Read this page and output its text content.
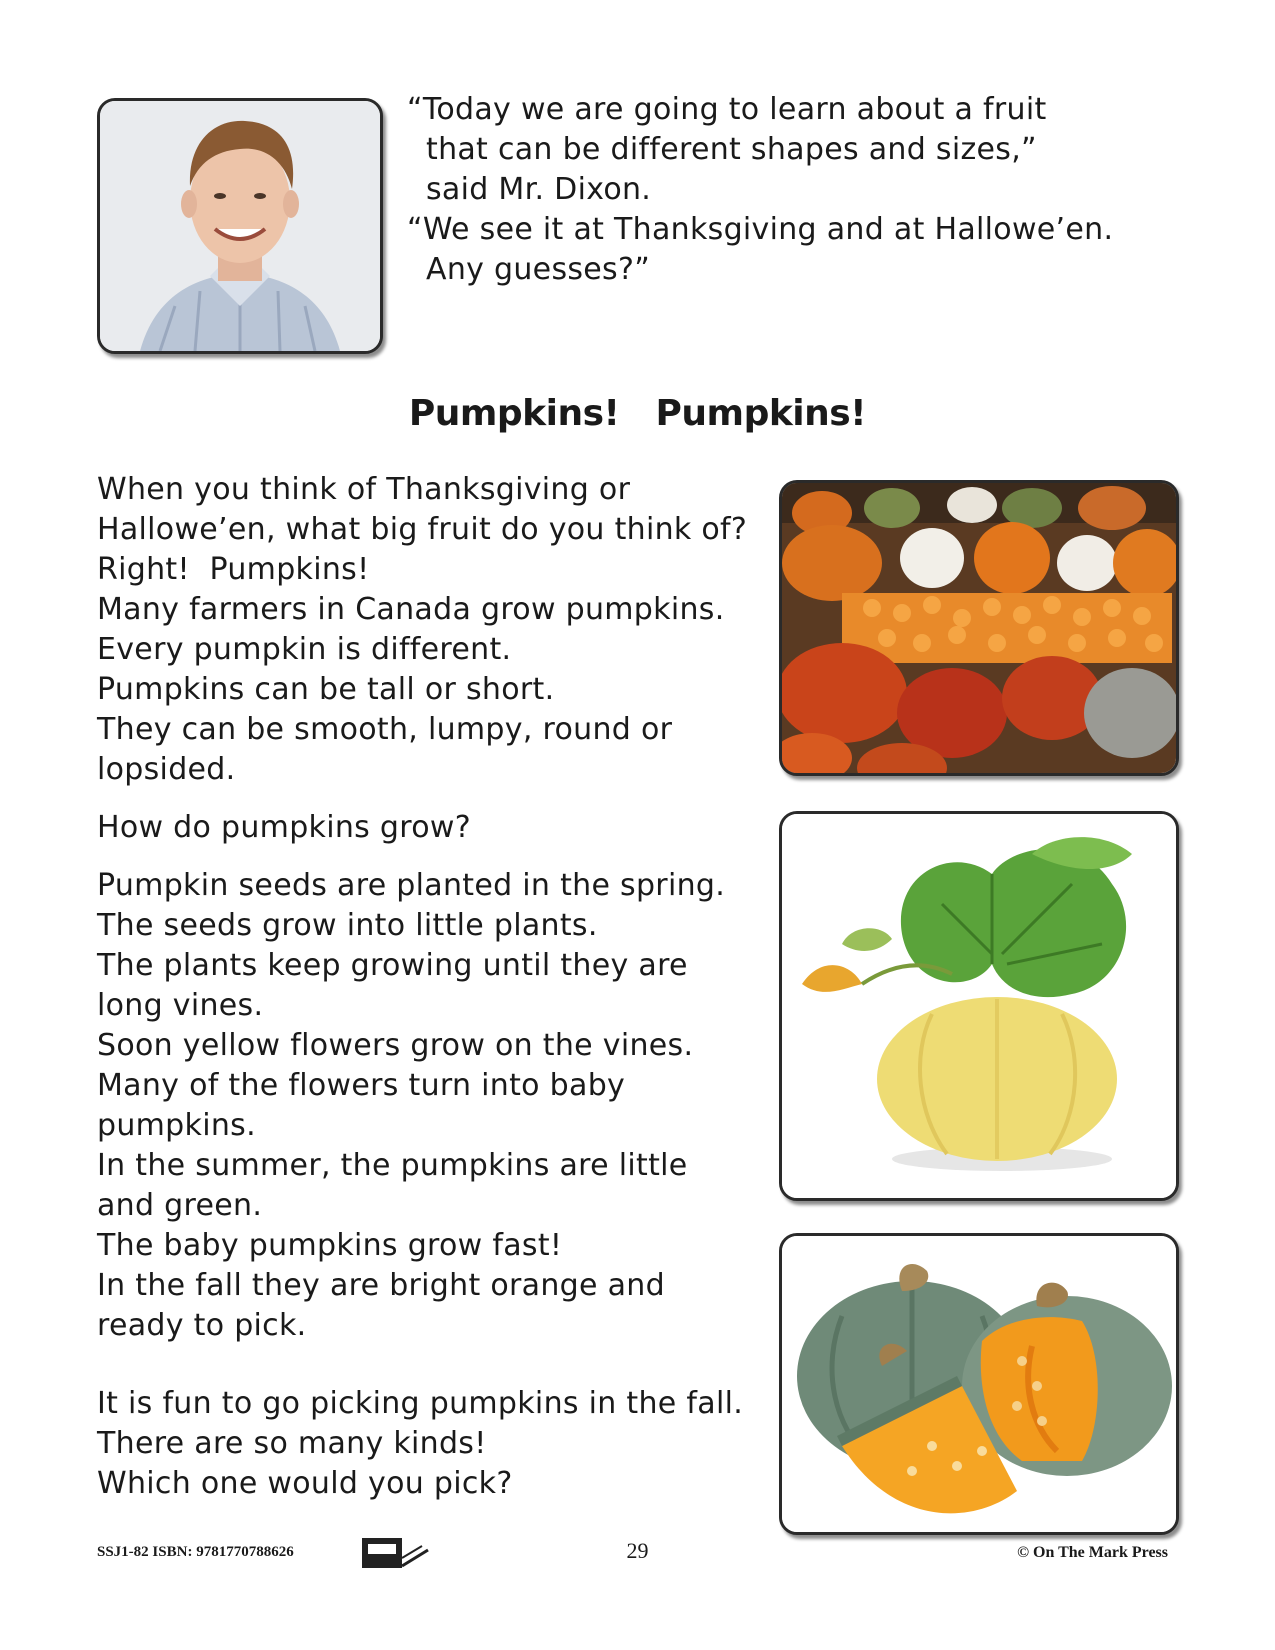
“Today we are going to learn about a fruit

that can be different shapes and sizes,”

said Mr. Dixon.

“We see it at Thanksgiving and at Hallowe’en.

Any guesses?”

Pumpkins!   Pumpkins!

When you think of Thanksgiving or

Hallowe’en, what big fruit do you think of?

Right!  Pumpkins!

Many farmers in Canada grow pumpkins.

Every pumpkin is different.

Pumpkins can be tall or short.

They can be smooth, lumpy, round or

lopsided.

How do pumpkins grow?

Pumpkin seeds are planted in the spring.

The seeds grow into little plants.

The plants keep growing until they are

long vines.

Soon yellow flowers grow on the vines.

Many of the flowers turn into baby

pumpkins.

In the summer, the pumpkins are little

and green.

The baby pumpkins grow fast!

In the fall they are bright orange and

ready to pick.

It is fun to go picking pumpkins in the fall.

There are so many kinds!

Which one would you pick?

SSJ1-82 ISBN: 9781770788626	29	© On The Mark Press
